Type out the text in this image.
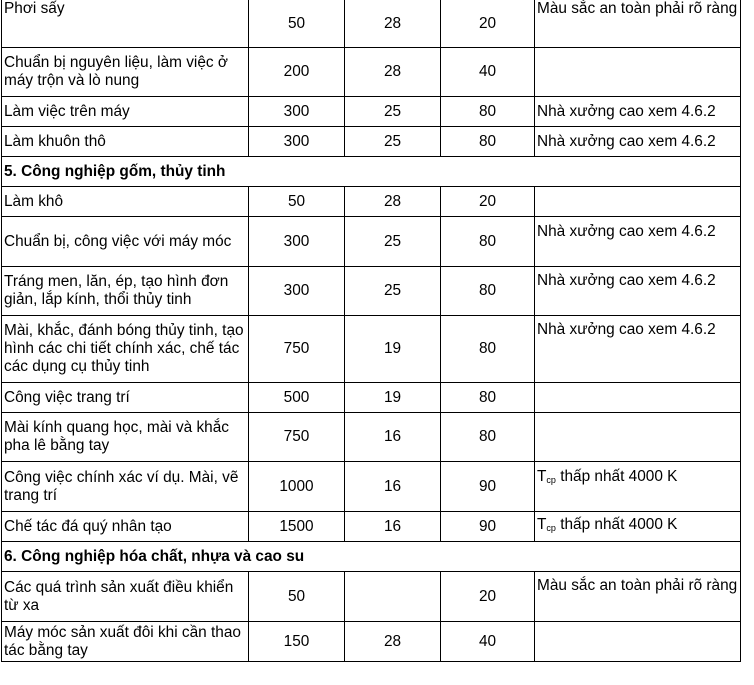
Phơi sấy	50	28	20	Màu sắc an toàn phải rõ ràng
Chuẩn bị nguyên liệu, làm việc ở máy trộn và lò nung	200	28	40	
Làm việc trên máy	300	25	80	Nhà xưởng cao xem 4.6.2
Làm khuôn thô	300	25	80	Nhà xưởng cao xem 4.6.2
5. Công nghiệp gốm, thủy tinh				
Làm khô	50	28	20	
Chuẩn bị, công việc với máy móc	300	25	80	Nhà xưởng cao xem 4.6.2
Tráng men, lăn, ép, tạo hình đơn giản, lắp kính, thổi thủy tinh	300	25	80	Nhà xưởng cao xem 4.6.2
Mài, khắc, đánh bóng thủy tinh, tạo hình các chi tiết chính xác, chế tác các dụng cụ thủy tinh	750	19	80	Nhà xưởng cao xem 4.6.2
Công việc trang trí	500	19	80	
Mài kính quang học, mài và khắc pha lê bằng tay	750	16	80	
Công việc chính xác ví dụ. Mài, vẽ trang trí	1000	16	90	$T_{cp}$ thấp nhất 4000 K
Chế tác đá quý nhân tạo	1500	16	90	$T_{cp}$ thấp nhất 4000 K
6. Công nghiệp hóa chất, nhựa và cao su				
Các quá trình sản xuất điều khiển từ xa	50		20	Màu sắc an toàn phải rõ ràng
Máy móc sản xuất đôi khi cần thao tác bằng tay	150	28	40	
